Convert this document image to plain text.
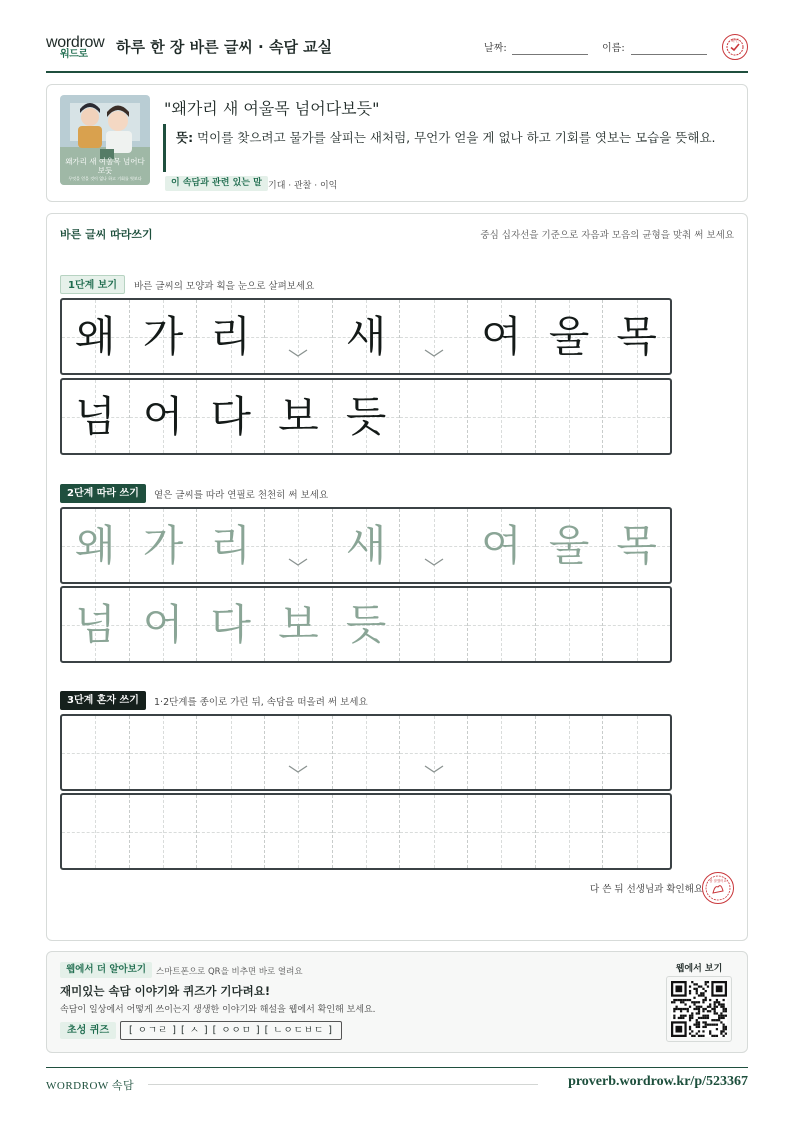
wordrow
워드로 하루 한 장 바른 글씨 · 속담 교실	날짜:	이름:
확인
왜가리 새 여울목 넘어다보듯
무엇을 얻을 것이 없나 하고 기회를 엿보다
"왜가리 새 여울목 넘어다보듯"
뜻: 먹이를 찾으려고 물가를 살피는 새처럼, 무언가 얻을 게 없나 하고 기회를 엿보는 모습을 뜻해요.
이 속담과 관련 있는 말 기대 · 관찰 · 이익
바른 글씨 따라쓰기	중심 십자선을 기준으로 자음과 모음의 균형을 맞춰 써 보세요
1단계 보기	바른 글씨의 모양과 획을 눈으로 살펴보세요
왜 가 리 새 여 울 목
넘 어 다 보 듯
2단계 따라 쓰기	옅은 글씨를 따라 연필로 천천히 써 보세요
왜 가 리 새 여 울 목
넘 어 다 보 듯
3단계 혼자 쓰기	1·2단계를 종이로 가린 뒤, 속담을 떠올려 써 보세요
다 쓴 뒤 선생님과 확인해요
참 잘했어요
웹에서 더 알아보기	스마트폰으로 QR을 비추면 바로 열려요
재미있는 속담 이야기와 퀴즈가 기다려요!
속담이 일상에서 어떻게 쓰이는지 생생한 이야기와 해설을 웹에서 확인해 보세요.
초성 퀴즈	[ ㅇㄱㄹ ] [ ㅅ ] [ ㅇㅇㅁ ] [ ㄴㅇㄷㅂㄷ ]
웹에서 보기
WORDROW 속담	proverb.wordrow.kr/p/523367
